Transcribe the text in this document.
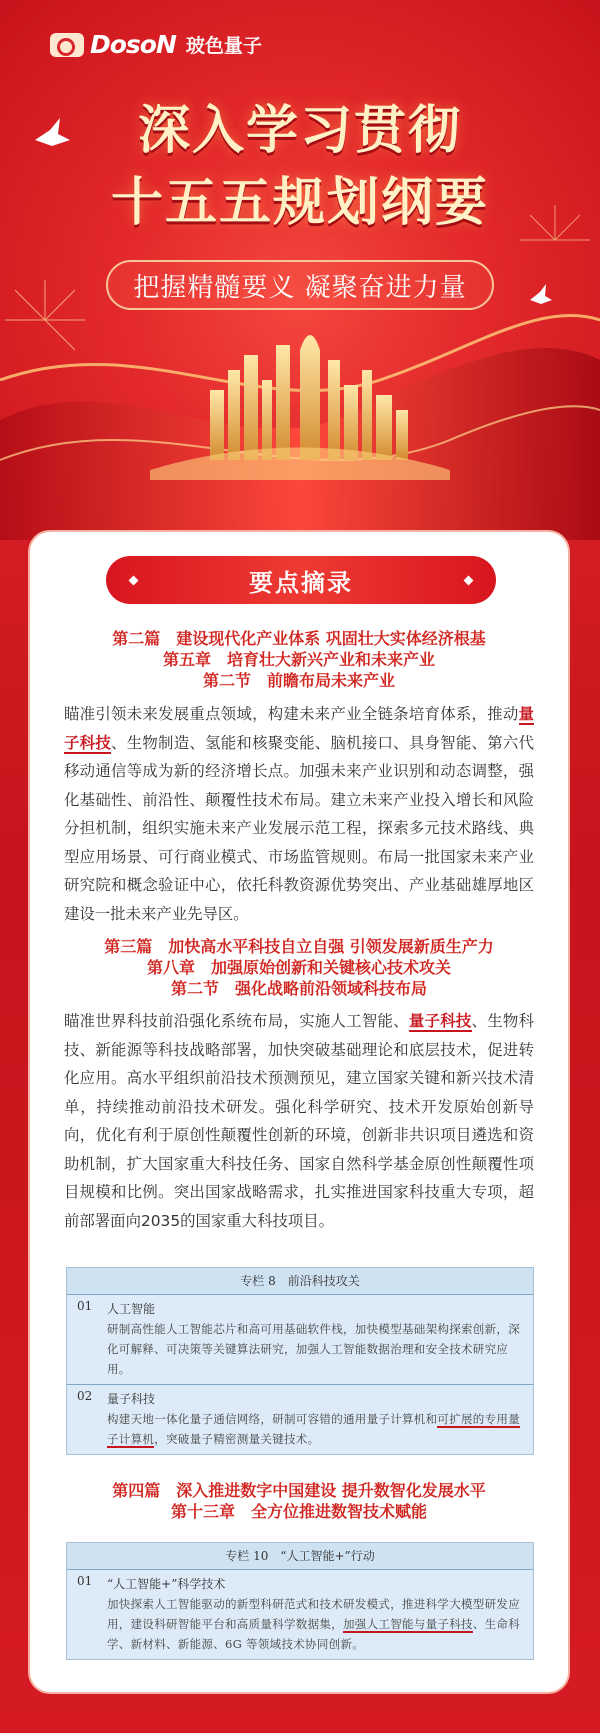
DosoN 玻色量子
深入学习贯彻
十五五规划纲要
把握精髓要义 凝聚奋进力量
要点摘录
第二篇　建设现代化产业体系 巩固壮大实体经济根基
第五章　培育壮大新兴产业和未来产业
第二节　前瞻布局未来产业
瞄准引领未来发展重点领域，构建未来产业全链条培育体系，推动量子科技、生物制造、氢能和核聚变能、脑机接口、具身智能、第六代移动通信等成为新的经济增长点。加强未来产业识别和动态调整，强化基础性、前沿性、颠覆性技术布局。建立未来产业投入增长和风险分担机制，组织实施未来产业发展示范工程，探索多元技术路线、典型应用场景、可行商业模式、市场监管规则。布局一批国家未来产业研究院和概念验证中心，依托科教资源优势突出、产业基础雄厚地区建设一批未来产业先导区。
第三篇　加快高水平科技自立自强 引领发展新质生产力
第八章　加强原始创新和关键核心技术攻关
第二节　强化战略前沿领域科技布局
瞄准世界科技前沿强化系统布局，实施人工智能、量子科技、生物科技、新能源等科技战略部署，加快突破基础理论和底层技术，促进转化应用。高水平组织前沿技术预测预见，建立国家关键和新兴技术清单，持续推动前沿技术研发。强化科学研究、技术开发原始创新导向，优化有利于原创性颠覆性创新的环境，创新非共识项目遴选和资助机制，扩大国家重大科技任务、国家自然科学基金原创性颠覆性项目规模和比例。突出国家战略需求，扎实推进国家科技重大专项，超前部署面向2035的国家重大科技项目。
专栏 8　前沿科技攻关
01 人工智能
研制高性能人工智能芯片和高可用基础软件栈，加快模型基础架构探索创新，深化可解释、可决策等关键算法研究，加强人工智能数据治理和安全技术研究应用。
02 量子科技
构建天地一体化量子通信网络，研制可容错的通用量子计算机和可扩展的专用量子计算机，突破量子精密测量关键技术。
第四篇　深入推进数字中国建设 提升数智化发展水平
第十三章　全方位推进数智技术赋能
专栏 10　“人工智能+”行动
01 “人工智能+”科学技术
加快探索人工智能驱动的新型科研范式和技术研发模式，推进科学大模型研发应用，建设科研智能平台和高质量科学数据集，加强人工智能与量子科技、生命科学、新材料、新能源、6G 等领域技术协同创新。
